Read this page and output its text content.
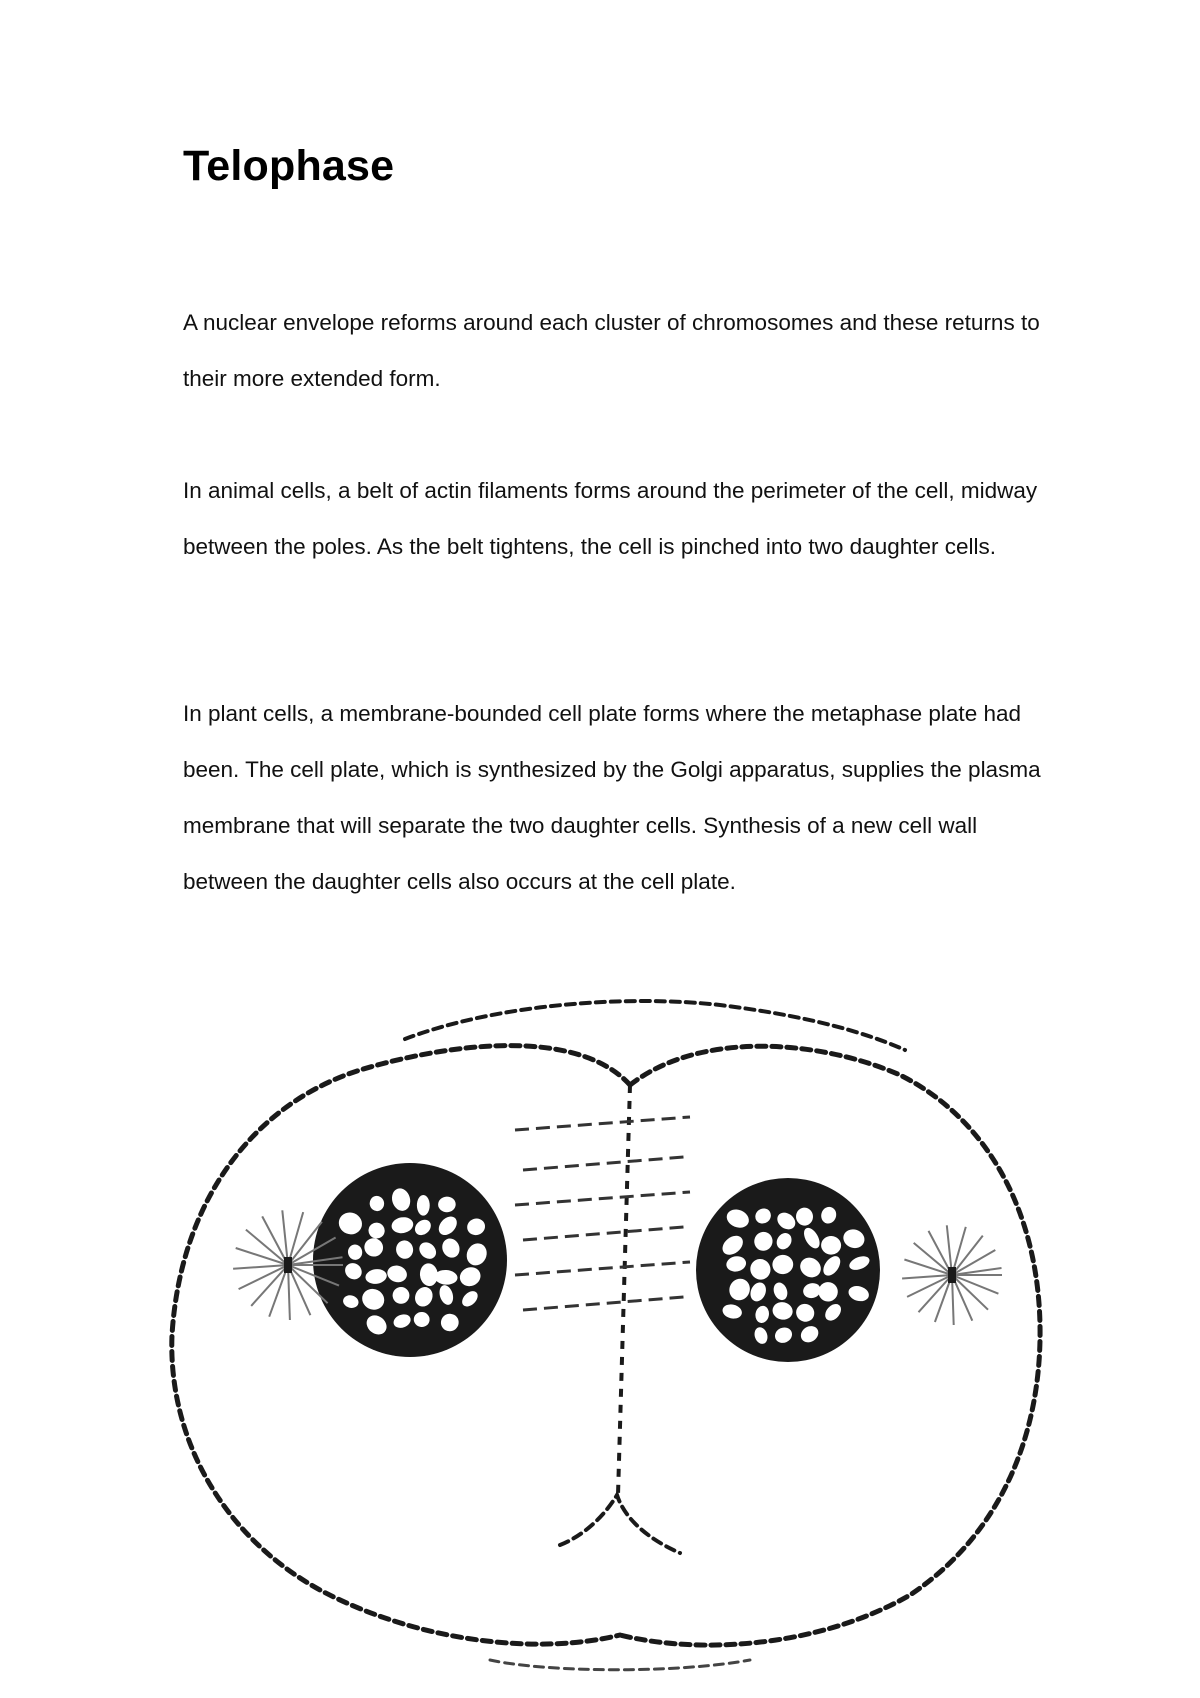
Telophase

A nuclear envelope reforms around each cluster of chromosomes and these returns to their more extended form.

In animal cells, a belt of actin filaments forms around the perimeter of the cell, midway between the poles. As the belt tightens, the cell is pinched into two daughter cells.

In plant cells, a membrane-bounded cell plate forms where the metaphase plate had been. The cell plate, which is synthesized by the Golgi apparatus, supplies the plasma membrane that will separate the two daughter cells. Synthesis of a new cell wall between the daughter cells also occurs at the cell plate.
